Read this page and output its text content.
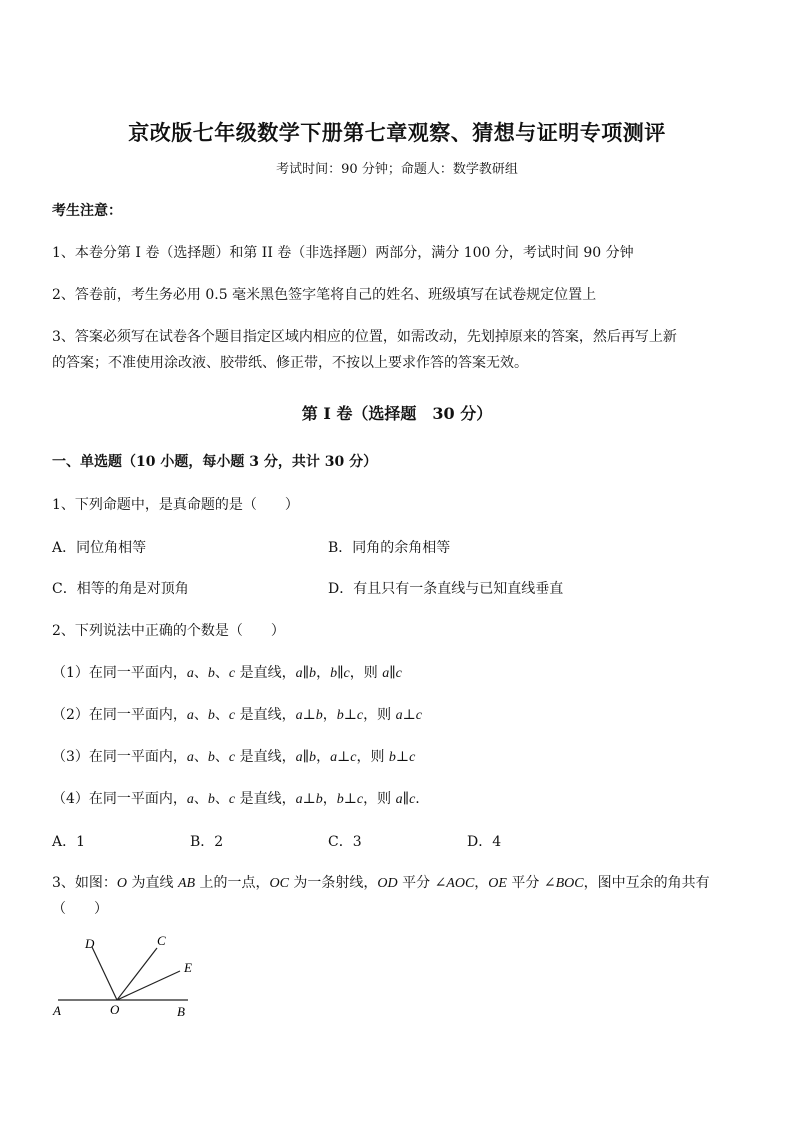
京改版七年级数学下册第七章观察、猜想与证明专项测评
考试时间：90 分钟；命题人：数学教研组
考生注意：
1、本卷分第 I 卷（选择题）和第 II 卷（非选择题）两部分，满分 100 分，考试时间 90 分钟
2、答卷前，考生务必用 0.5 毫米黑色签字笔将自己的姓名、班级填写在试卷规定位置上
3、答案必须写在试卷各个题目指定区域内相应的位置，如需改动，先划掉原来的答案，然后再写上新
的答案；不准使用涂改液、胶带纸、修正带，不按以上要求作答的答案无效。
第 I 卷（选择题　30 分）
一、单选题（10 小题，每小题 3 分，共计 30 分）
1、下列命题中，是真命题的是（　　）
A．同位角相等	B．同角的余角相等
C．相等的角是对顶角	D．有且只有一条直线与已知直线垂直
2、下列说法中正确的个数是（　　）
（1）在同一平面内，a、b、c 是直线，a∥b，b∥c，则 a∥c
（2）在同一平面内，a、b、c 是直线，a⊥b，b⊥c，则 a⊥c
（3）在同一平面内，a、b、c 是直线，a∥b，a⊥c，则 b⊥c
（4）在同一平面内，a、b、c 是直线，a⊥b，b⊥c，则 a∥c.
A．1	B．2	C．3	D．4
3、如图：O 为直线 AB 上的一点，OC 为一条射线，OD 平分 ∠AOC，OE 平分 ∠BOC，图中互余的角共有
（　　）
D	C
E
A	O	B
